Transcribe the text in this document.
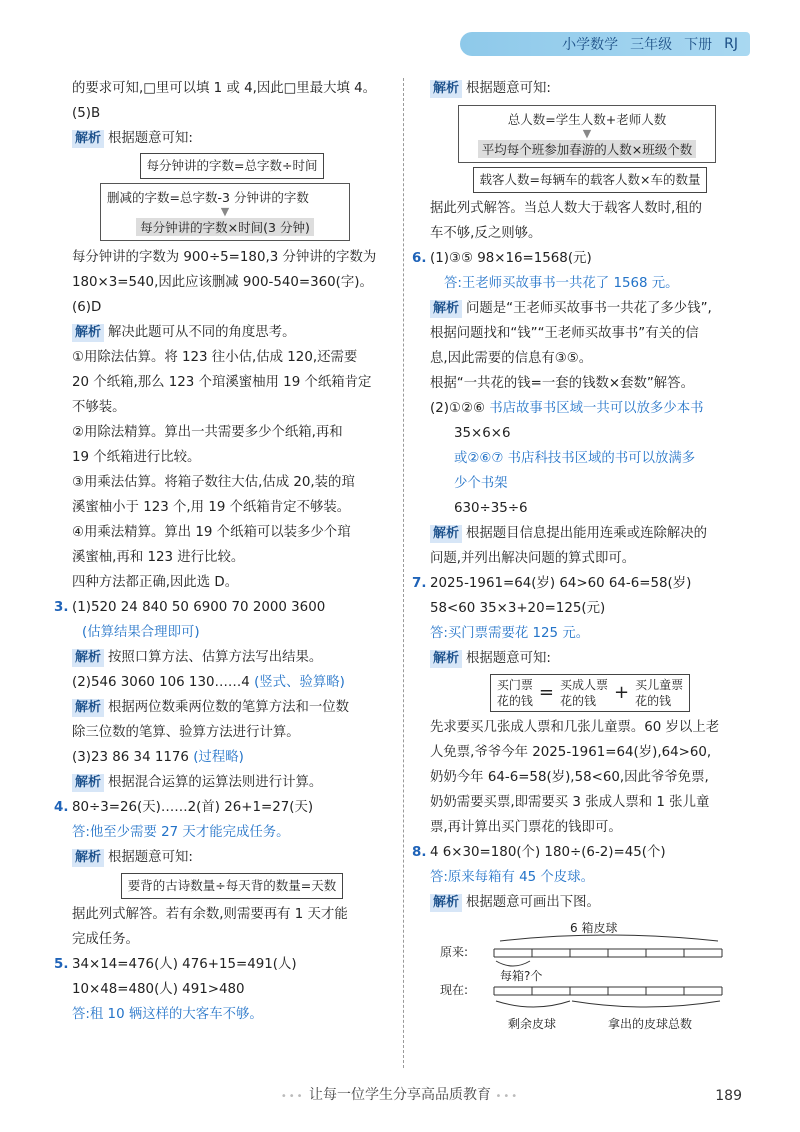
小学数学 三年级 下册 RJ
的要求可知,□里可以填 1 或 4,因此□里最大填 4。
(5)B
解析 根据题意可知:
每分钟讲的字数=总字数÷时间
删减的字数=总字数-3 分钟讲的字数
▼
每分钟讲的字数×时间(3 分钟)
每分钟讲的字数为 900÷5=180,3 分钟讲的字数为
180×3=540,因此应该删减 900-540=360(字)。
(6)D
解析 解决此题可从不同的角度思考。
①用除法估算。将 123 往小估,估成 120,还需要
20 个纸箱,那么 123 个琯溪蜜柚用 19 个纸箱肯定
不够装。
②用除法精算。算出一共需要多少个纸箱,再和
19 个纸箱进行比较。
③用乘法估算。将箱子数往大估,估成 20,装的琯
溪蜜柚小于 123 个,用 19 个纸箱肯定不够装。
④用乘法精算。算出 19 个纸箱可以装多少个琯
溪蜜柚,再和 123 进行比较。
四种方法都正确,因此选 D。
3. (1)520 24 840 50 6900 70 2000 3600
(估算结果合理即可)
解析 按照口算方法、估算方法写出结果。
(2)546 3060 106 130……4 (竖式、验算略)
解析 根据两位数乘两位数的笔算方法和一位数
除三位数的笔算、验算方法进行计算。
(3)23 86 34 1176 (过程略)
解析 根据混合运算的运算法则进行计算。
4. 80÷3=26(天)……2(首) 26+1=27(天)
答:他至少需要 27 天才能完成任务。
解析 根据题意可知:
要背的古诗数量÷每天背的数量=天数
据此列式解答。若有余数,则需要再有 1 天才能
完成任务。
5. 34×14=476(人) 476+15=491(人)
10×48=480(人) 491>480
答:租 10 辆这样的大客车不够。
解析 根据题意可知:
总人数=学生人数+老师人数
▼
平均每个班参加春游的人数×班级个数
载客人数=每辆车的载客人数×车的数量
据此列式解答。当总人数大于载客人数时,租的
车不够,反之则够。
6. (1)③⑤ 98×16=1568(元)
答:王老师买故事书一共花了 1568 元。
解析 问题是“王老师买故事书一共花了多少钱”,
根据问题找和“钱”“王老师买故事书”有关的信
息,因此需要的信息有③⑤。
根据“一共花的钱=一套的钱数×套数”解答。
(2)①②⑥ 书店故事书区域一共可以放多少本书
35×6×6
或②⑥⑦ 书店科技书区域的书可以放满多
少个书架
630÷35÷6
解析 根据题目信息提出能用连乘或连除解决的
问题,并列出解决问题的算式即可。
7. 2025-1961=64(岁) 64>60 64-6=58(岁)
58<60 35×3+20=125(元)
答:买门票需要花 125 元。
解析 根据题意可知:
买门票
花的钱 = 买成人票
花的钱	+ 买儿童票
花的钱
先求要买几张成人票和几张儿童票。60 岁以上老
人免票,爷爷今年 2025-1961=64(岁),64>60,
奶奶今年 64-6=58(岁),58<60,因此爷爷免票,
奶奶需要买票,即需要买 3 张成人票和 1 张儿童
票,再计算出买门票花的钱即可。
8. 4 6×30=180(个) 180÷(6-2)=45(个)
答:原来每箱有 45 个皮球。
解析 根据题意可画出下图。
6 箱皮球
原来:
现在:
每箱?个
剩余皮球	拿出的皮球总数
••• 让每一位学生分享高品质教育 •••	189
